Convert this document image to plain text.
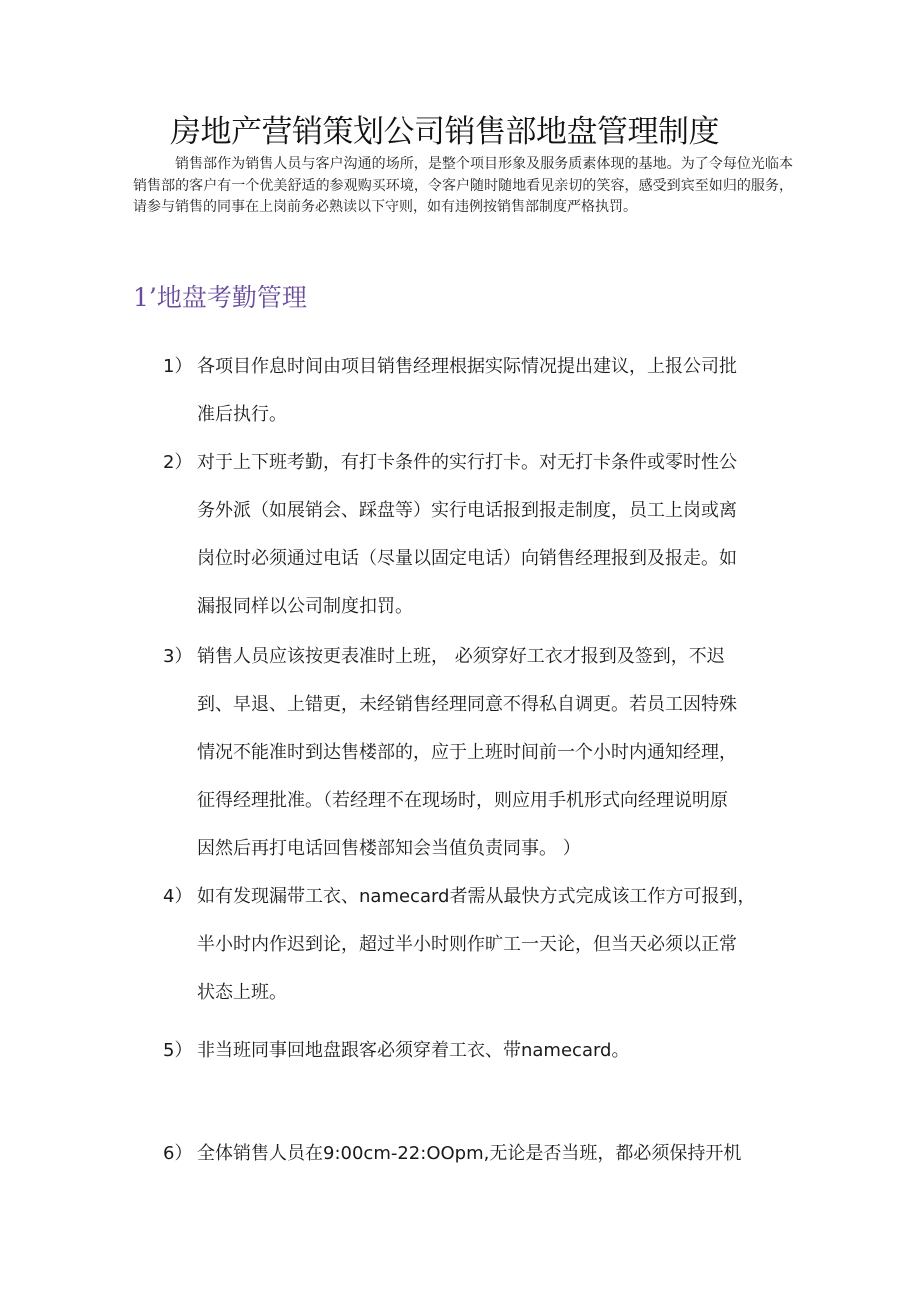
房地产营销策划公司销售部地盘管理制度

销售部作为销售人员与客户沟通的场所，是整个项目形象及服务质素体现的基地。为了令每位光临本销售部的客户有一个优美舒适的参观购买环境，令客户随时随地看见亲切的笑容，感受到宾至如归的服务，请参与销售的同事在上岗前务必熟读以下守则，如有违例按销售部制度严格执罚。

1’地盘考勤管理
1） 各项目作息时间由项目销售经理根据实际情况提出建议，上报公司批
准后执行。
2） 对于上下班考勤，有打卡条件的实行打卡。对无打卡条件或零时性公
务外派（如展销会、踩盘等）实行电话报到报走制度，员工上岗或离
岗位时必须通过电话（尽量以固定电话）向销售经理报到及报走。如
漏报同样以公司制度扣罚。
3） 销售人员应该按更表准时上班， 必须穿好工衣才报到及签到，不迟
到、早退、上错更，未经销售经理同意不得私自调更。若员工因特殊
情况不能准时到达售楼部的，应于上班时间前一个小时内通知经理，
征得经理批准。（若经理不在现场时，则应用手机形式向经理说明原
因然后再打电话回售楼部知会当值负责同事。 ）
4） 如有发现漏带工衣、namecard者需从最快方式完成该工作方可报到，
半小时内作迟到论，超过半小时则作旷工一天论，但当天必须以正常
状态上班。
5） 非当班同事回地盘跟客必须穿着工衣、带namecard。
6） 全体销售人员在9:00cm-22:OOpm,无论是否当班，都必须保持开机
